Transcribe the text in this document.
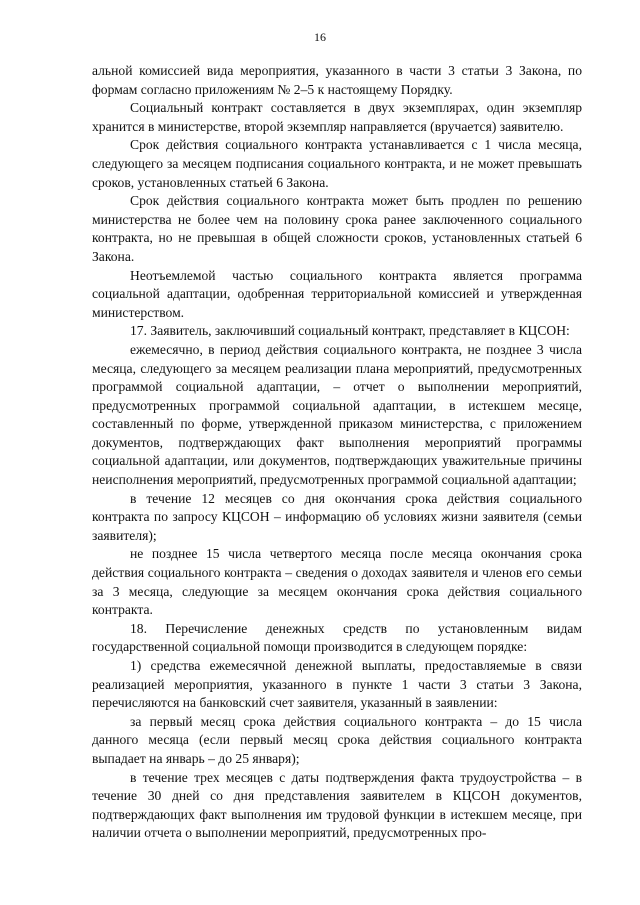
16

альной комиссией вида мероприятия, указанного в части 3 статьи 3 Закона, по формам согласно приложениям № 2–5 к настоящему Порядку.

Социальный контракт составляется в двух экземплярах, один экземпляр хранится в министерстве, второй экземпляр направляется (вручается) заявителю.

Срок действия социального контракта устанавливается с 1 числа месяца, следующего за месяцем подписания социального контракта, и не может превышать сроков, установленных статьей 6 Закона.

Срок действия социального контракта может быть продлен по решению министерства не более чем на половину срока ранее заключенного социального контракта, но не превышая в общей сложности сроков, установленных статьей 6 Закона.

Неотъемлемой частью социального контракта является программа социальной адаптации, одобренная территориальной комиссией и утвержденная министерством.

17. Заявитель, заключивший социальный контракт, представляет в КЦСОН:

ежемесячно, в период действия социального контракта, не позднее 3 числа месяца, следующего за месяцем реализации плана мероприятий, предусмотренных программой социальной адаптации, – отчет о выполнении мероприятий, предусмотренных программой социальной адаптации, в истекшем месяце, составленный по форме, утвержденной приказом министерства, с приложением документов, подтверждающих факт выполнения мероприятий программы социальной адаптации, или документов, подтверждающих уважительные причины неисполнения мероприятий, предусмотренных программой социальной адаптации;

в течение 12 месяцев со дня окончания срока действия социального контракта по запросу КЦСОН – информацию об условиях жизни заявителя (семьи заявителя);

не позднее 15 числа четвертого месяца после месяца окончания срока действия социального контракта – сведения о доходах заявителя и членов его семьи за 3 месяца, следующие за месяцем окончания срока действия социального контракта.

18. Перечисление денежных средств по установленным видам государственной социальной помощи производится в следующем порядке:

1) средства ежемесячной денежной выплаты, предоставляемые в связи реализацией мероприятия, указанного в пункте 1 части 3 статьи 3 Закона, перечисляются на банковский счет заявителя, указанный в заявлении:

за первый месяц срока действия социального контракта – до 15 числа данного месяца (если первый месяц срока действия социального контракта выпадает на январь – до 25 января);

в течение трех месяцев с даты подтверждения факта трудоустройства – в течение 30 дней со дня представления заявителем в КЦСОН документов, подтверждающих факт выполнения им трудовой функции в истекшем месяце, при наличии отчета о выполнении мероприятий, предусмотренных про-
